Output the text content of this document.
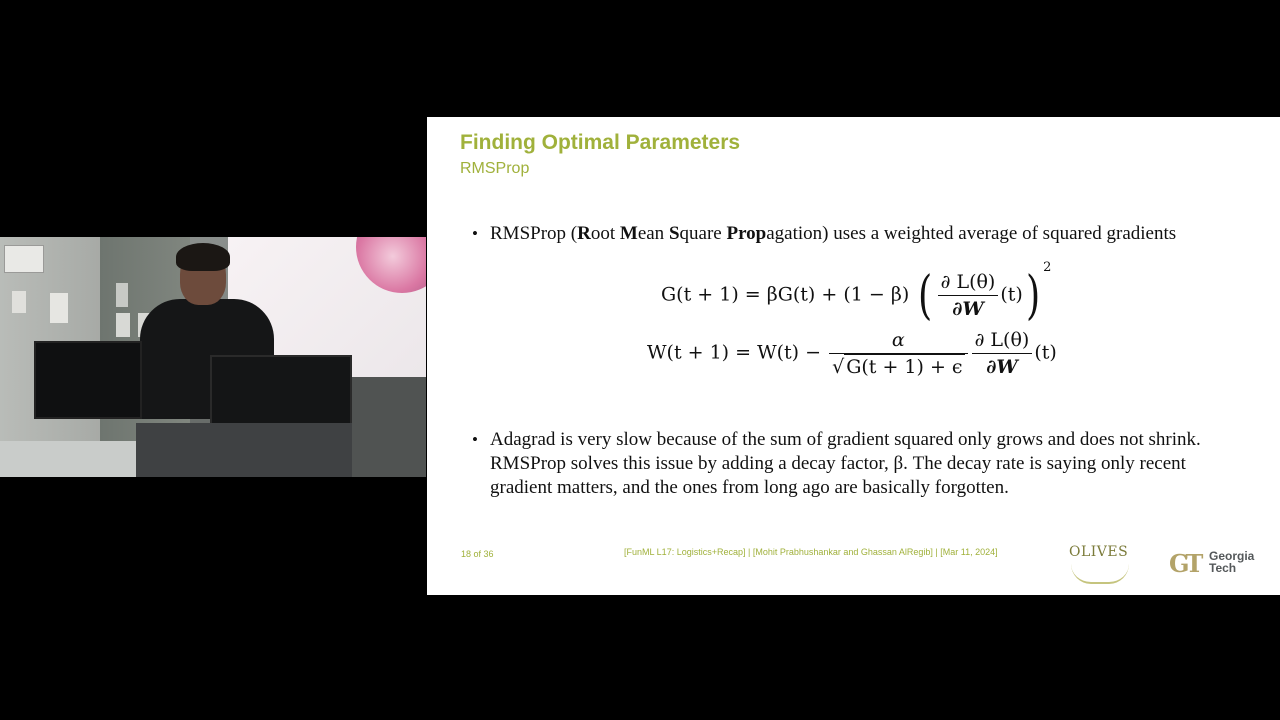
Finding Optimal Parameters
RMSProp
• RMSProp (Root Mean Square Propagation) uses a weighted average of squared gradients
G(t + 1) = βG(t) + (1 − β) ( $\frac{\partial L(\theta)}{\partial W} (t)$) $^2$
$W(t + 1) = W(t) - \frac{\alpha}{√ G(t + 1) + \epsilon} \frac{\partial L(\theta)}{\partial W} (t)$
• Adagrad is very slow because of the sum of gradient squared only grows and does not shrink. RMSProp solves this issue by adding a decay factor, β. The decay rate is saying only recent gradient matters, and the ones from long ago are basically forgotten.
18 of 36	[FunML L17: Logistics+Recap] | [Mohit Prabhushankar and Ghassan AlRegib] | [Mar 11, 2024]	OLIVES GT Georgia
Tech
